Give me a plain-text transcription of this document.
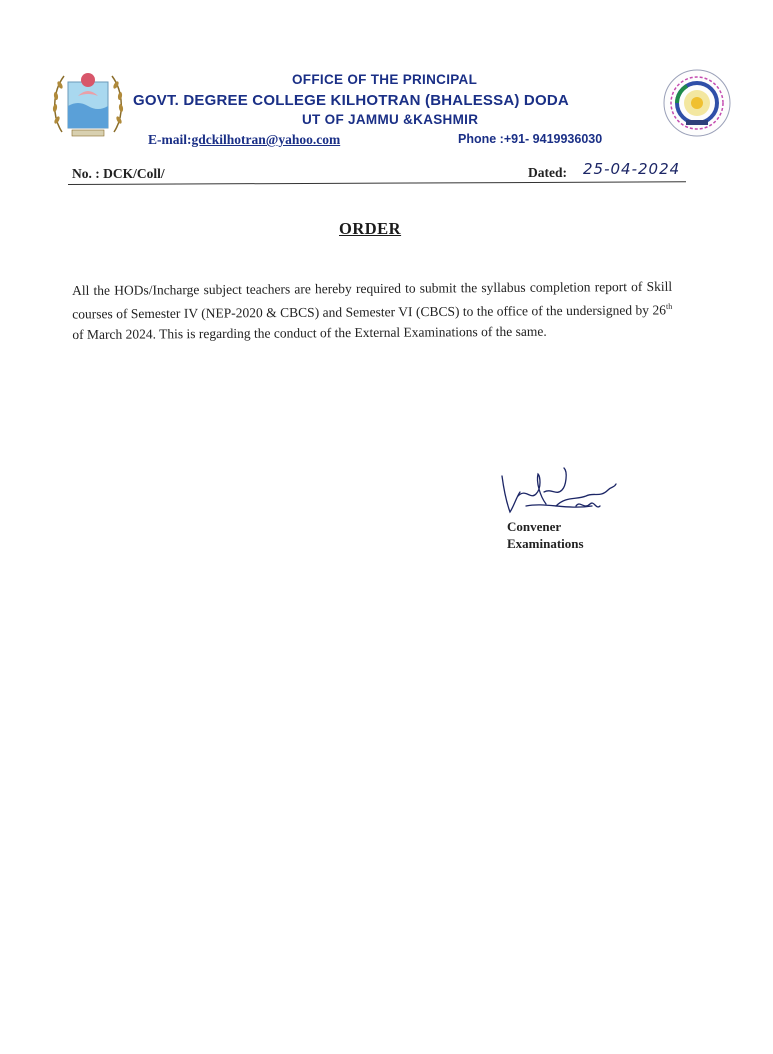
OFFICE OF THE PRINCIPAL
GOVT. DEGREE COLLEGE KILHOTRAN (BHALESSA) DODA
UT OF JAMMU &KASHMIR
E-mail:gdckilhotran@yahoo.com	Phone :+91- 9419936030
No. : DCK/Coll/	Dated: 25-04-2024
ORDER
All the HODs/Incharge subject teachers are hereby required to submit the syllabus completion report of Skill courses of Semester IV (NEP-2020 & CBCS) and Semester VI (CBCS) to the office of the undersigned by 26th of March 2024. This is regarding the conduct of the External Examinations of the same.
Convener
Examinations
